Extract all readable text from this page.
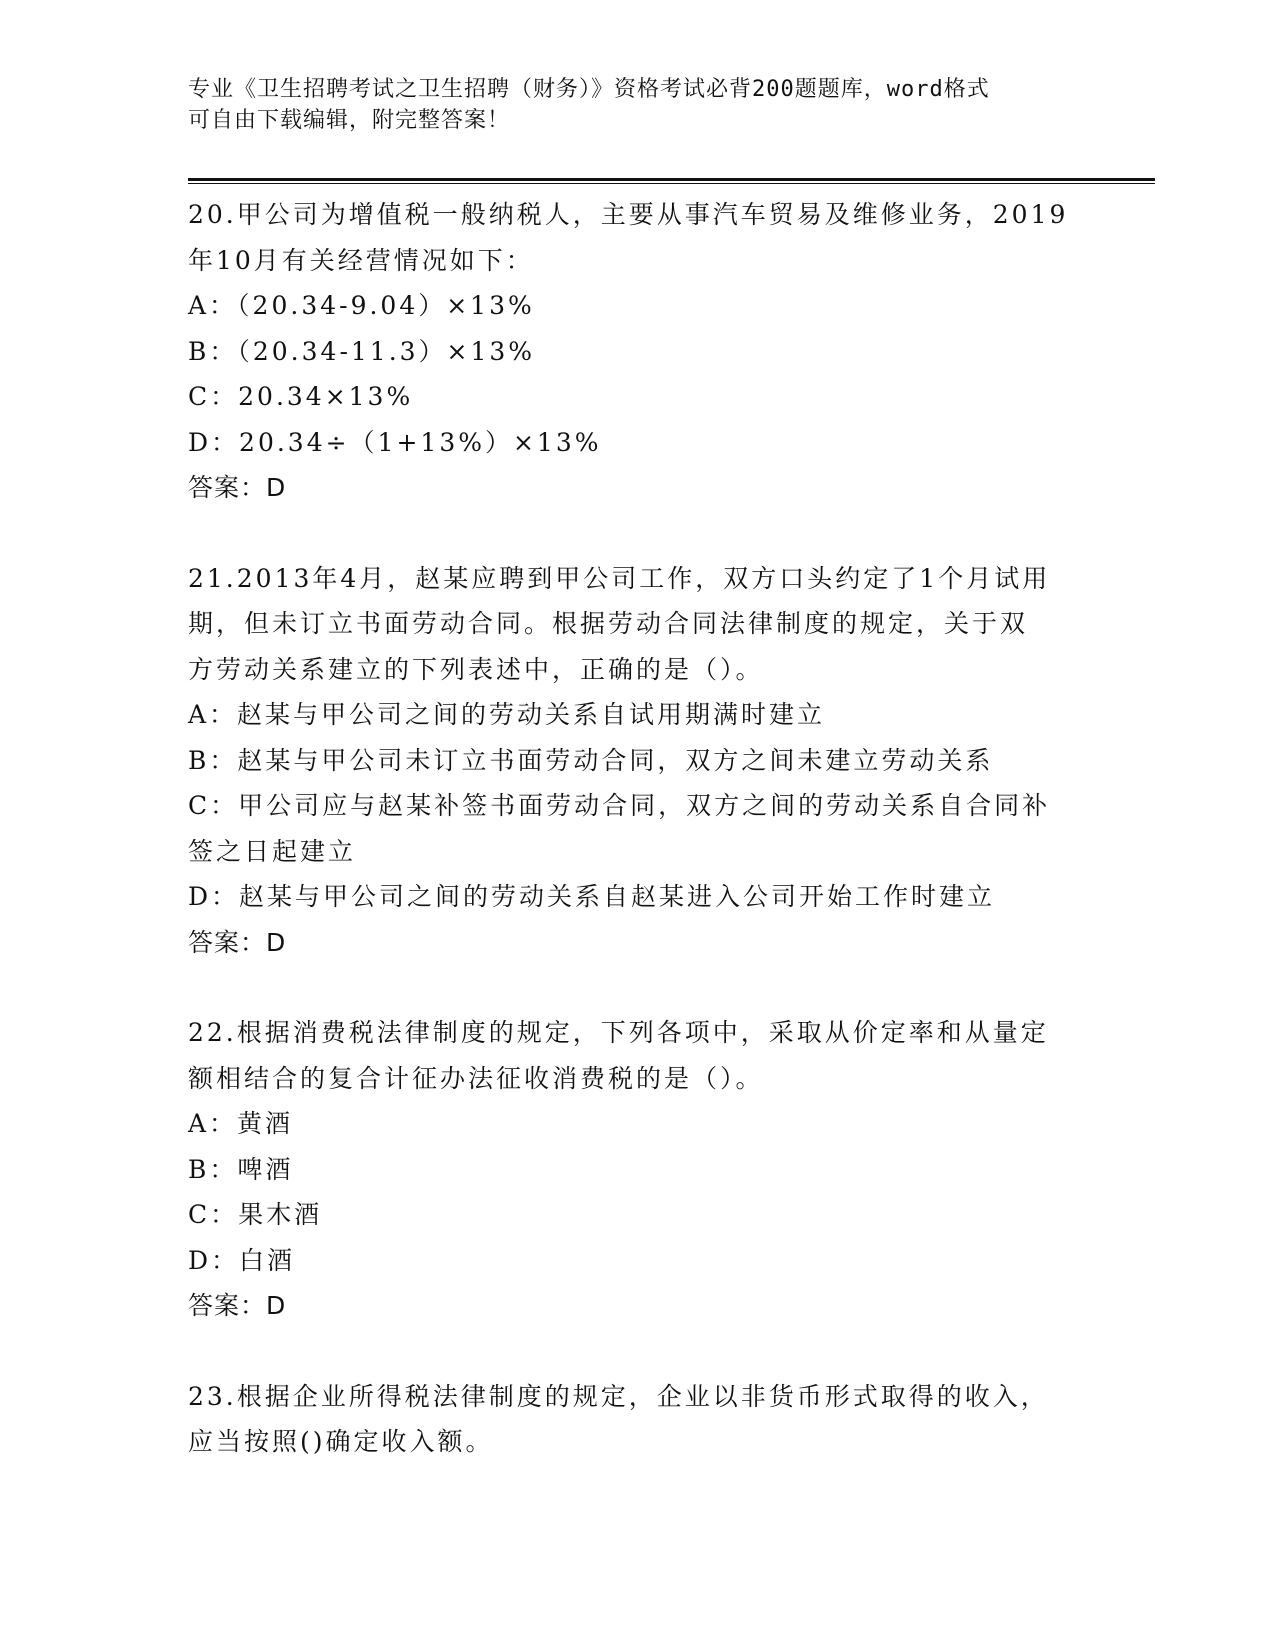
专业《卫生招聘考试之卫生招聘（财务）》资格考试必背200题题库，word格式
可自由下载编辑，附完整答案！
20.甲公司为增值税一般纳税人，主要从事汽车贸易及维修业务，2019
年10月有关经营情况如下：
A：（20.34-9.04）×13%
B：（20.34-11.3）×13%
C：20.34×13%
D：20.34÷（1+13%）×13%
答案：D
21.2013年4月，赵某应聘到甲公司工作，双方口头约定了1个月试用
期，但未订立书面劳动合同。根据劳动合同法律制度的规定，关于双
方劳动关系建立的下列表述中，正确的是（）。
A：赵某与甲公司之间的劳动关系自试用期满时建立
B：赵某与甲公司未订立书面劳动合同，双方之间未建立劳动关系
C：甲公司应与赵某补签书面劳动合同，双方之间的劳动关系自合同补
签之日起建立
D：赵某与甲公司之间的劳动关系自赵某进入公司开始工作时建立
答案：D
22.根据消费税法律制度的规定，下列各项中，采取从价定率和从量定
额相结合的复合计征办法征收消费税的是（）。
A：黄酒
B：啤酒
C：果木酒
D：白酒
答案：D
23.根据企业所得税法律制度的规定，企业以非货币形式取得的收入，
应当按照()确定收入额。
